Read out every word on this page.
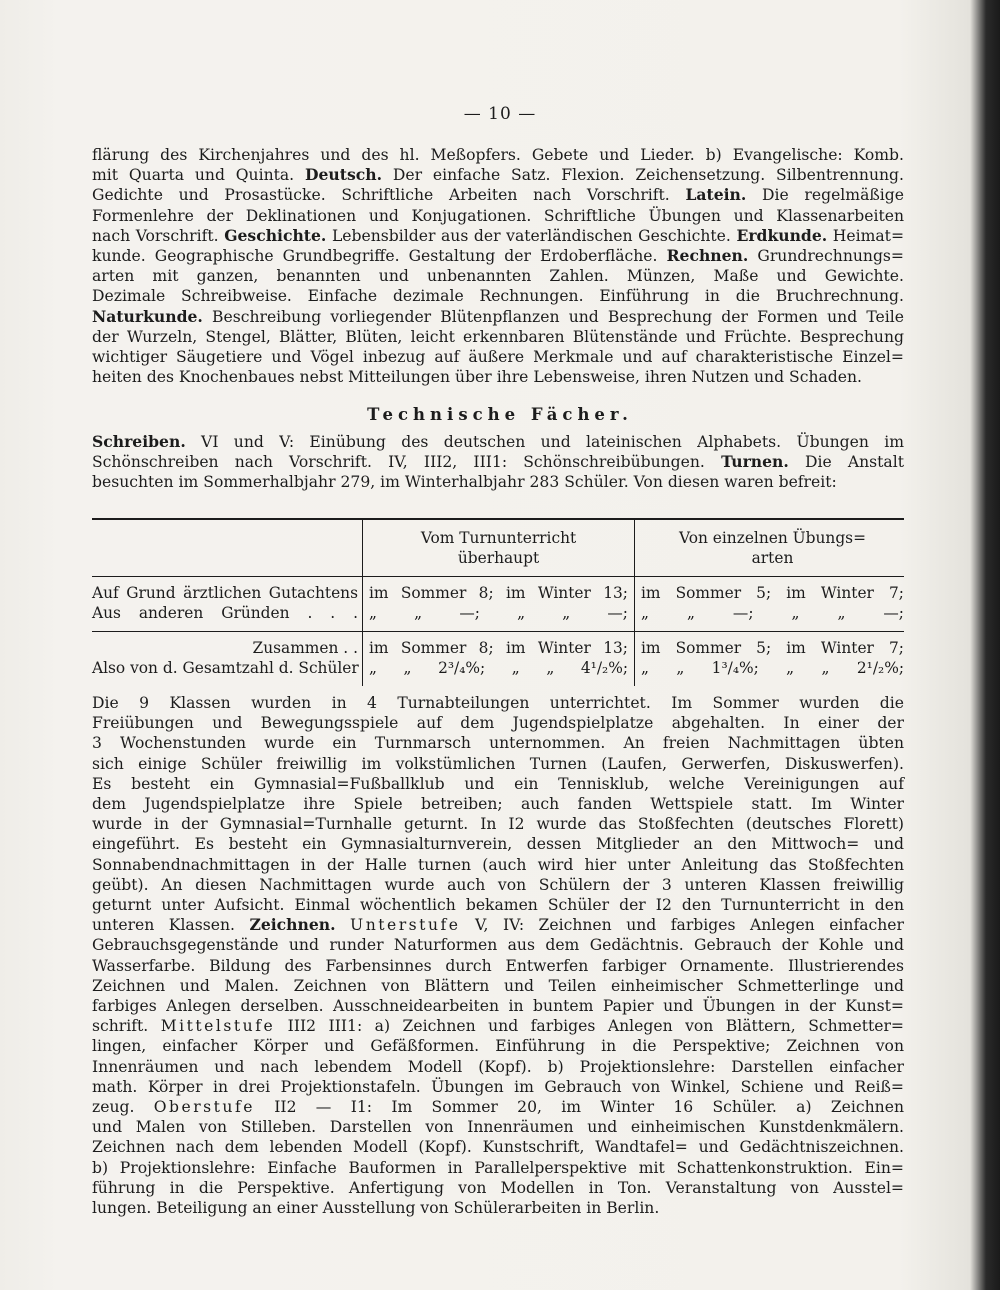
— 10 —
flärung des Kirchenjahres und des hl. Meßopfers. Gebete und Lieder. b) Evangelische: Komb.
mit Quarta und Quinta. Deutsch. Der einfache Satz. Flexion. Zeichensetzung. Silbentrennung.
Gedichte und Prosastücke. Schriftliche Arbeiten nach Vorschrift. Latein. Die regelmäßige
Formenlehre der Deklinationen und Konjugationen. Schriftliche Übungen und Klassenarbeiten
nach Vorschrift. Geschichte. Lebensbilder aus der vaterländischen Geschichte. Erdkunde. Heimat=
kunde. Geographische Grundbegriffe. Gestaltung der Erdoberfläche. Rechnen. Grundrechnungs=
arten mit ganzen, benannten und unbenannten Zahlen. Münzen, Maße und Gewichte.
Dezimale Schreibweise. Einfache dezimale Rechnungen. Einführung in die Bruchrechnung.
Naturkunde. Beschreibung vorliegender Blütenpflanzen und Besprechung der Formen und Teile
der Wurzeln, Stengel, Blätter, Blüten, leicht erkennbaren Blütenstände und Früchte. Besprechung
wichtiger Säugetiere und Vögel inbezug auf äußere Merkmale und auf charakteristische Einzel=
heiten des Knochenbaues nebst Mitteilungen über ihre Lebensweise, ihren Nutzen und Schaden.
Technische Fächer.
Schreiben. VI und V: Einübung des deutschen und lateinischen Alphabets. Übungen im
Schönschreiben nach Vorschrift. IV, III2, III1: Schönschreibübungen. Turnen. Die Anstalt
besuchten im Sommerhalbjahr 279, im Winterhalbjahr 283 Schüler. Von diesen waren befreit:
Vom Turnunterricht
überhaupt
Von einzelnen Übungs=
arten
Auf Grund ärztlichen Gutachtens
Aus anderen Gründen . . .
im Sommer 8; im Winter 13;
„ „ —; „ „ —;
im Sommer 5; im Winter 7;
„ „ —; „ „ —;
Zusammen . .
Also von d. Gesamtzahl d. Schüler
im Sommer 8; im Winter 13;
„ „ 2³/₄%; „ „ 4¹/₂%;
im Sommer 5; im Winter 7;
„ „ 1³/₄%; „ „ 2¹/₂%;
Die 9 Klassen wurden in 4 Turnabteilungen unterrichtet. Im Sommer wurden die
Freiübungen und Bewegungsspiele auf dem Jugendspielplatze abgehalten. In einer der
3 Wochenstunden wurde ein Turnmarsch unternommen. An freien Nachmittagen übten
sich einige Schüler freiwillig im volkstümlichen Turnen (Laufen, Gerwerfen, Diskuswerfen).
Es besteht ein Gymnasial=Fußballklub und ein Tennisklub, welche Vereinigungen auf
dem Jugendspielplatze ihre Spiele betreiben; auch fanden Wettspiele statt. Im Winter
wurde in der Gymnasial=Turnhalle geturnt. In I2 wurde das Stoßfechten (deutsches Florett)
eingeführt. Es besteht ein Gymnasialturnverein, dessen Mitglieder an den Mittwoch= und
Sonnabendnachmittagen in der Halle turnen (auch wird hier unter Anleitung das Stoßfechten
geübt). An diesen Nachmittagen wurde auch von Schülern der 3 unteren Klassen freiwillig
geturnt unter Aufsicht. Einmal wöchentlich bekamen Schüler der I2 den Turnunterricht in den
unteren Klassen. Zeichnen. Unterstufe V, IV: Zeichnen und farbiges Anlegen einfacher
Gebrauchsgegenstände und runder Naturformen aus dem Gedächtnis. Gebrauch der Kohle und
Wasserfarbe. Bildung des Farbensinnes durch Entwerfen farbiger Ornamente. Illustrierendes
Zeichnen und Malen. Zeichnen von Blättern und Teilen einheimischer Schmetterlinge und
farbiges Anlegen derselben. Ausschneidearbeiten in buntem Papier und Übungen in der Kunst=
schrift. Mittelstufe III2 III1: a) Zeichnen und farbiges Anlegen von Blättern, Schmetter=
lingen, einfacher Körper und Gefäßformen. Einführung in die Perspektive; Zeichnen von
Innenräumen und nach lebendem Modell (Kopf). b) Projektionslehre: Darstellen einfacher
math. Körper in drei Projektionstafeln. Übungen im Gebrauch von Winkel, Schiene und Reiß=
zeug. Oberstufe II2 — I1: Im Sommer 20, im Winter 16 Schüler. a) Zeichnen
und Malen von Stilleben. Darstellen von Innenräumen und einheimischen Kunstdenkmälern.
Zeichnen nach dem lebenden Modell (Kopf). Kunstschrift, Wandtafel= und Gedächtniszeichnen.
b) Projektionslehre: Einfache Bauformen in Parallelperspektive mit Schattenkonstruktion. Ein=
führung in die Perspektive. Anfertigung von Modellen in Ton. Veranstaltung von Ausstel=
lungen. Beteiligung an einer Ausstellung von Schülerarbeiten in Berlin.
